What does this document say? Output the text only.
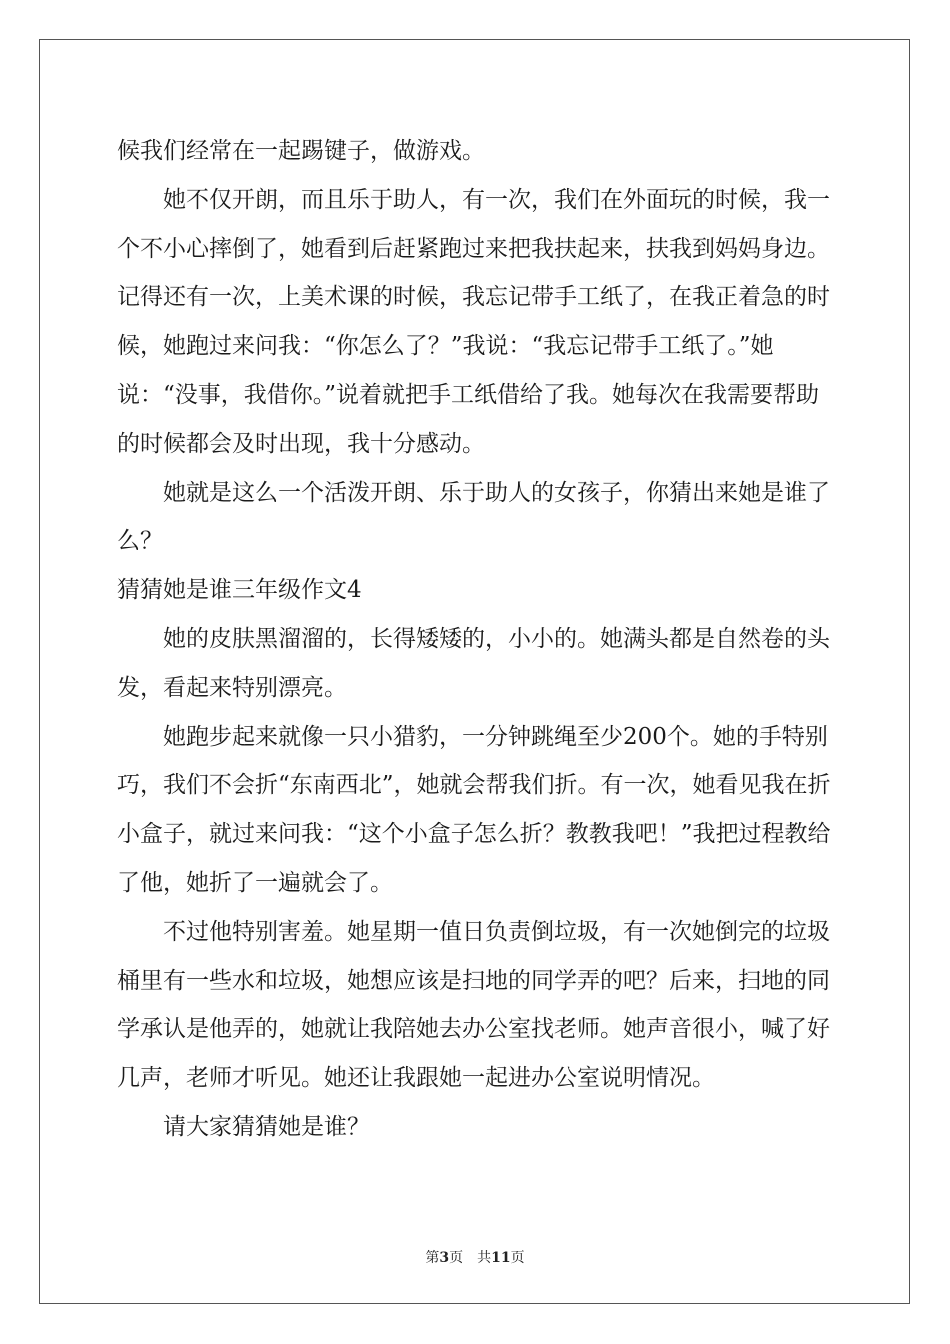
候我们经常在一起踢键子，做游戏。

她不仅开朗，而且乐于助人，有一次，我们在外面玩的时候，我一个不小心摔倒了，她看到后赶紧跑过来把我扶起来，扶我到妈妈身边。记得还有一次，上美术课的时候，我忘记带手工纸了，在我正着急的时候，她跑过来问我：“你怎么了？”我说：“我忘记带手工纸了。”她说：“没事，我借你。”说着就把手工纸借给了我。她每次在我需要帮助的时候都会及时出现，我十分感动。

她就是这么一个活泼开朗、乐于助人的女孩子，你猜出来她是谁了么？

猜猜她是谁三年级作文4

她的皮肤黑溜溜的，长得矮矮的，小小的。她满头都是自然卷的头发，看起来特别漂亮。

她跑步起来就像一只小猎豹，一分钟跳绳至少200个。她的手特别巧，我们不会折“东南西北”，她就会帮我们折。有一次，她看见我在折小盒子，就过来问我：“这个小盒子怎么折？教教我吧！”我把过程教给了他，她折了一遍就会了。

不过他特别害羞。她星期一值日负责倒垃圾，有一次她倒完的垃圾桶里有一些水和垃圾，她想应该是扫地的同学弄的吧？后来，扫地的同学承认是他弄的，她就让我陪她去办公室找老师。她声音很小，喊了好几声，老师才听见。她还让我跟她一起进办公室说明情况。

请大家猜猜她是谁？

第3页 共11页
